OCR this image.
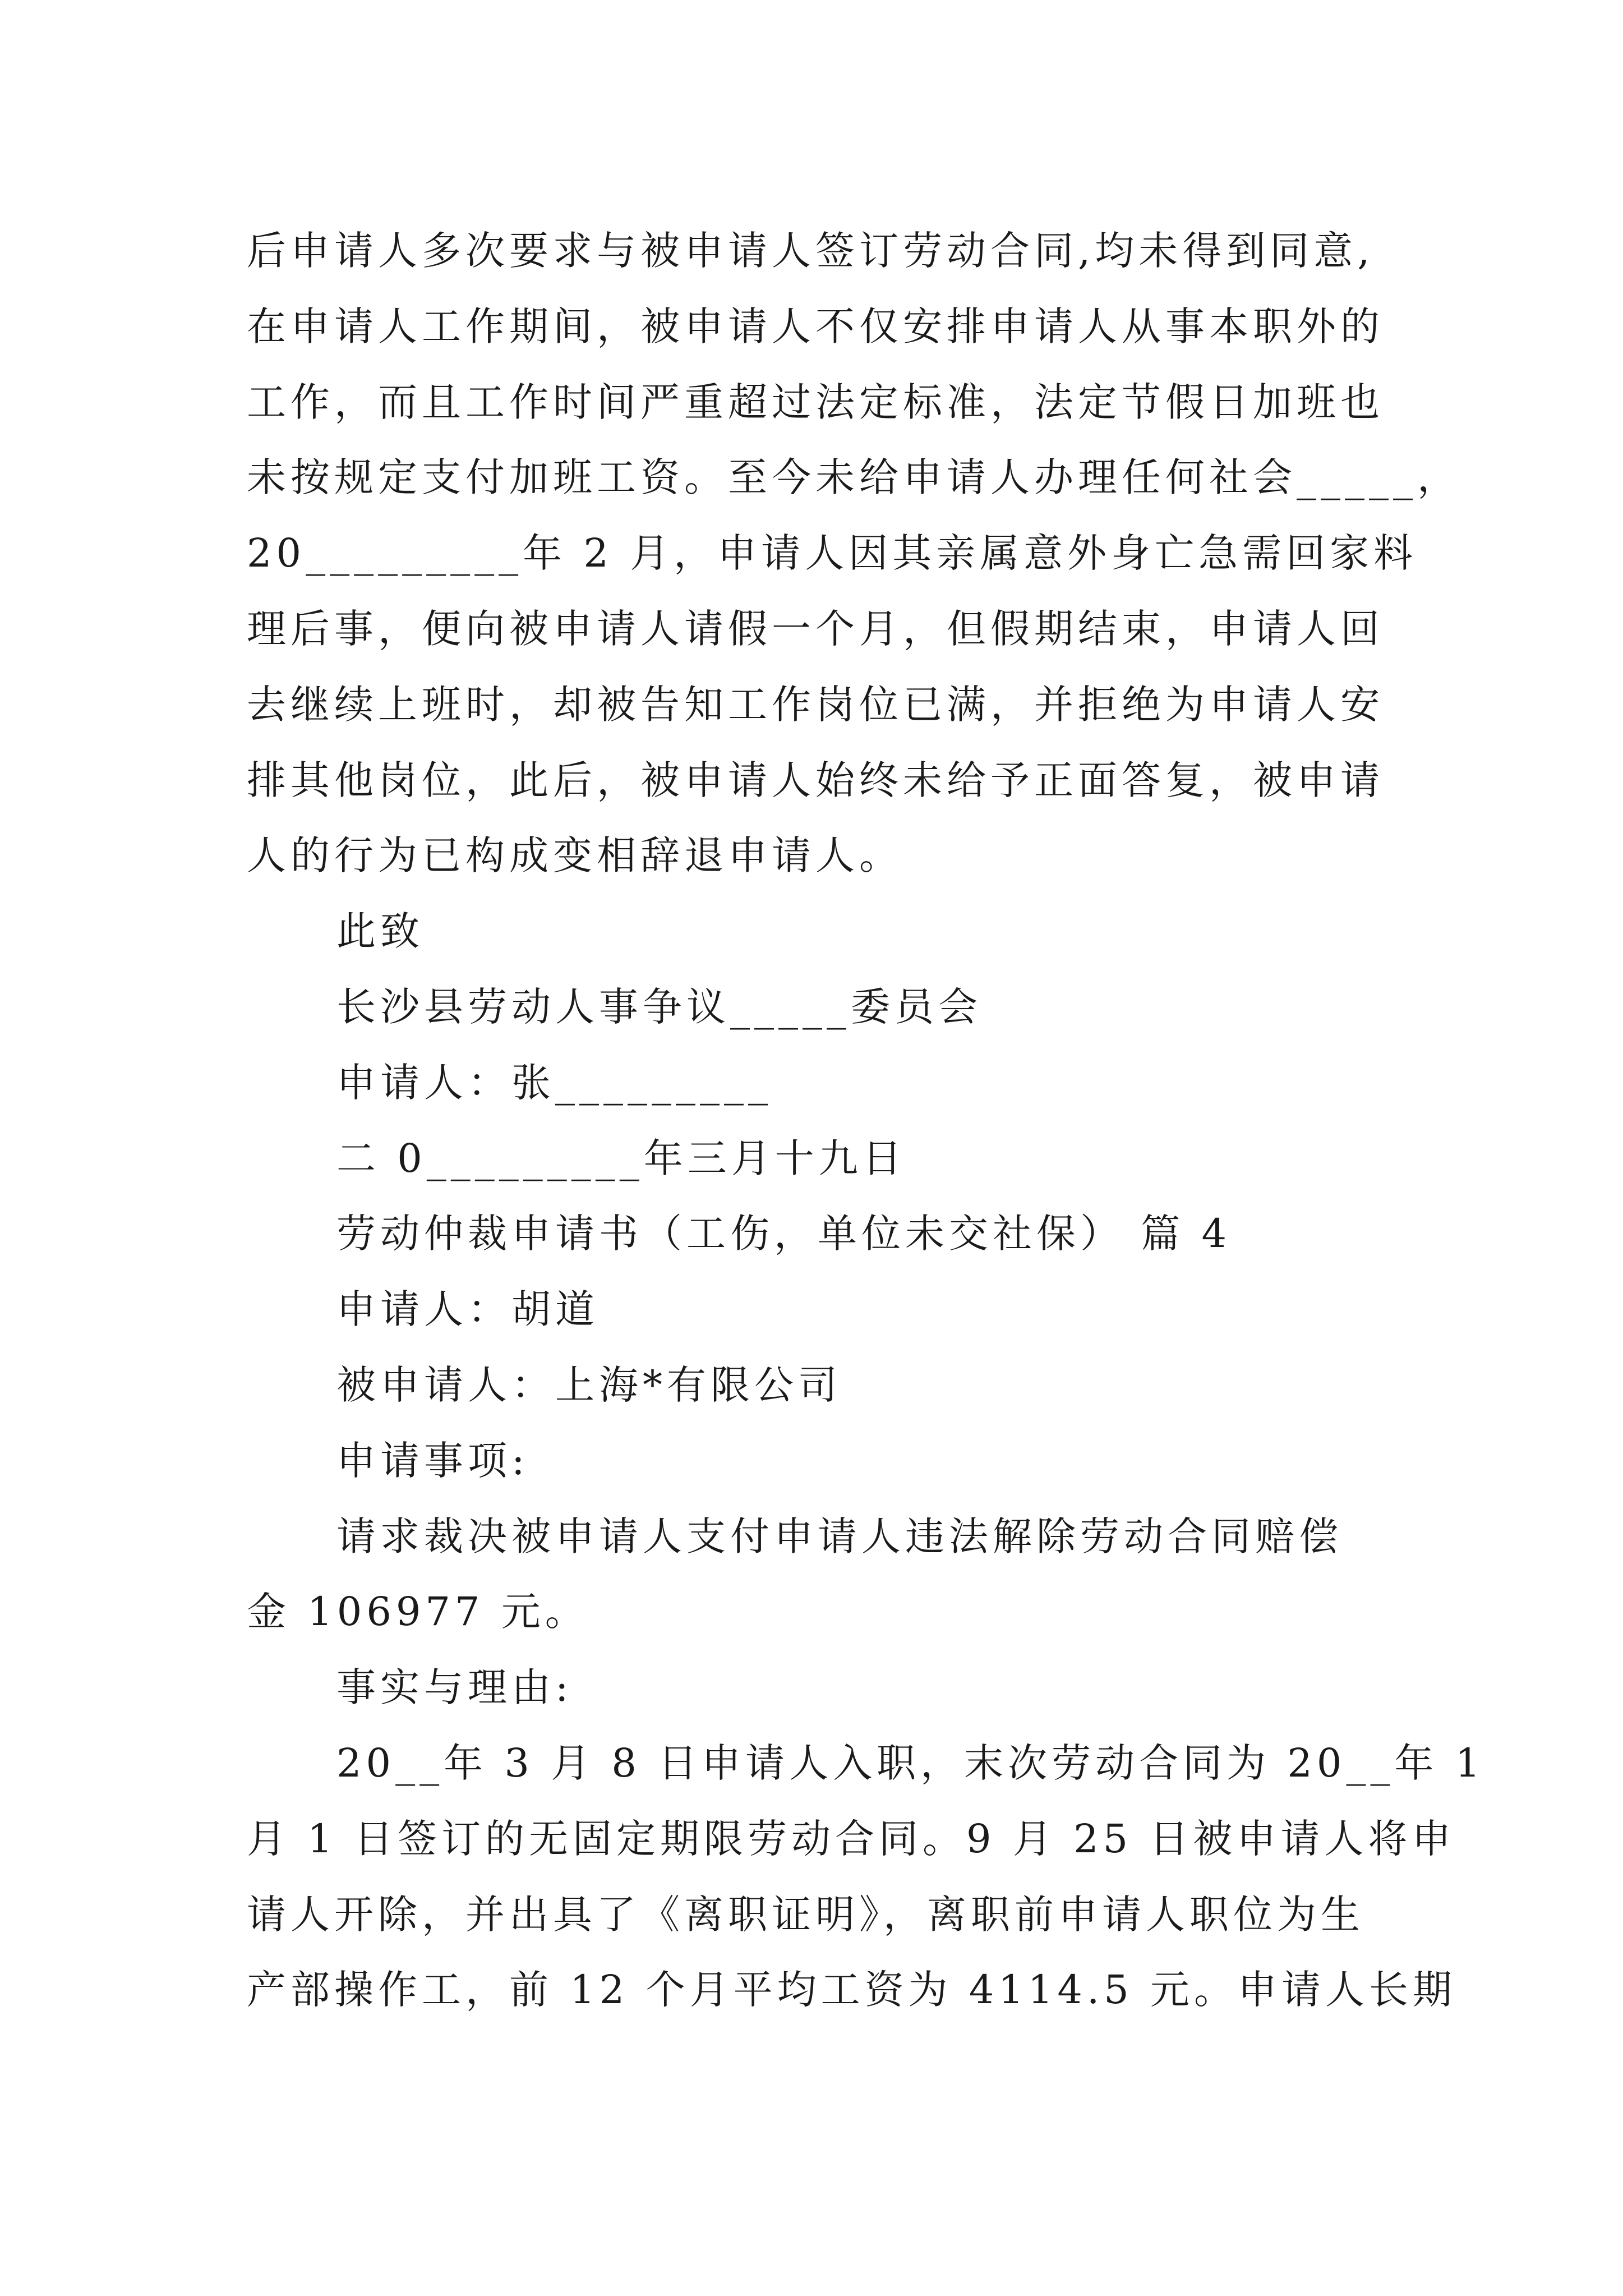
后申请人多次要求与被申请人签订劳动合同,均未得到同意,
在申请人工作期间，被申请人不仅安排申请人从事本职外的
工作，而且工作时间严重超过法定标准，法定节假日加班也
未按规定支付加班工资。至今未给申请人办理任何社会_____，
20_________年 2 月，申请人因其亲属意外身亡急需回家料
理后事，便向被申请人请假一个月，但假期结束，申请人回
去继续上班时，却被告知工作岗位已满，并拒绝为申请人安
排其他岗位，此后，被申请人始终未给予正面答复，被申请
人的行为已构成变相辞退申请人。
此致
长沙县劳动人事争议_____委员会
申请人：张_________
二 0_________年三月十九日
劳动仲裁申请书（工伤，单位未交社保） 篇 4
申请人：胡道
被申请人：上海*有限公司
申请事项:
请求裁决被申请人支付申请人违法解除劳动合同赔偿
金 106977 元。
事实与理由:
20__年 3 月 8 日申请人入职，末次劳动合同为 20__年 1
月 1 日签订的无固定期限劳动合同。9 月 25 日被申请人将申
请人开除，并出具了《离职证明》，离职前申请人职位为生
产部操作工，前 12 个月平均工资为 4114.5 元。申请人长期
